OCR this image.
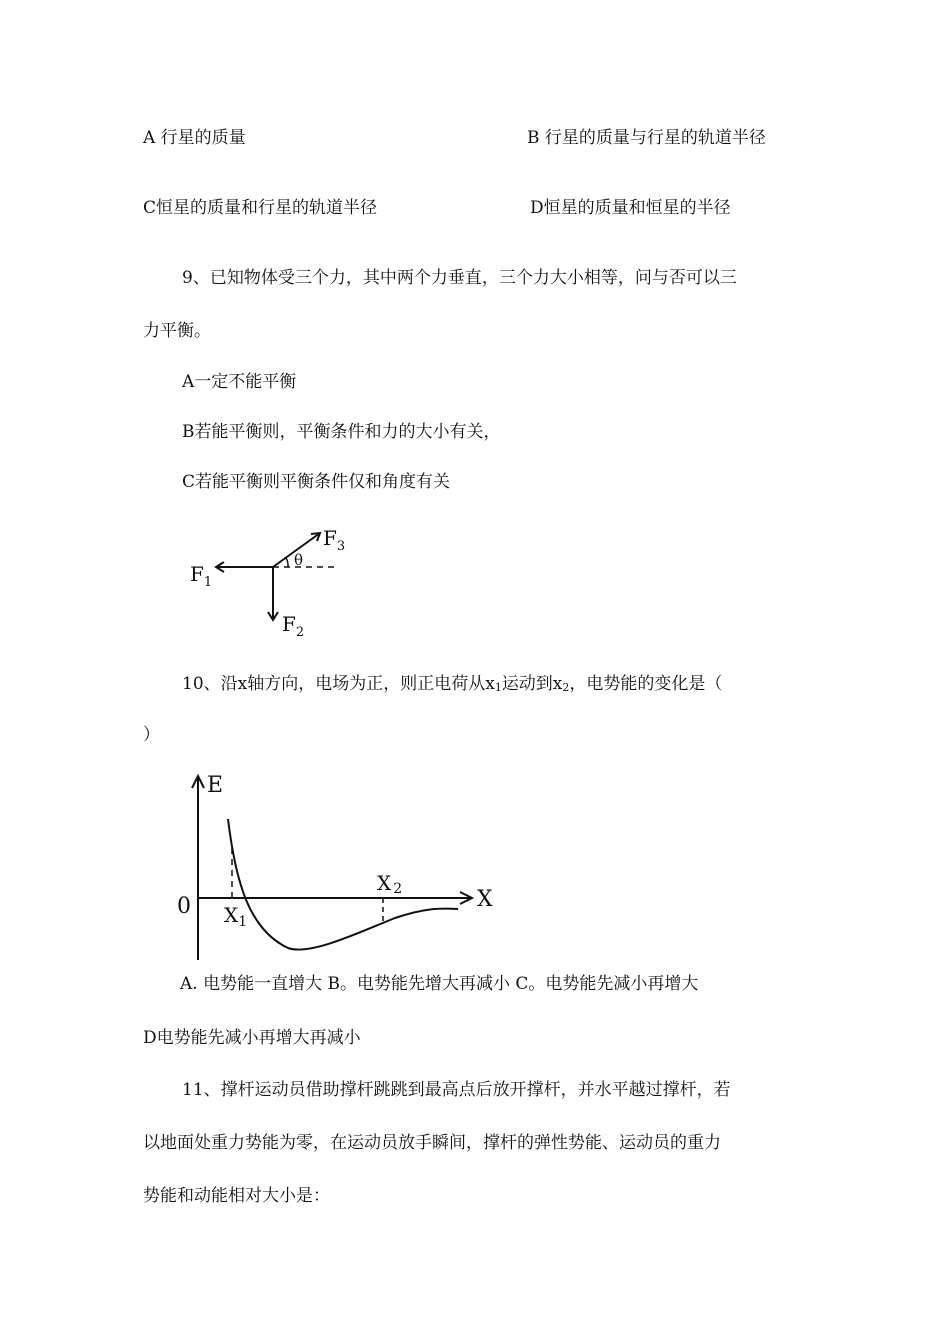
A 行星的质量	B 行星的质量与行星的轨道半径
C恒星的质量和行星的轨道半径	D恒星的质量和恒星的半径
9、已知物体受三个力，其中两个力垂直，三个力大小相等，问与否可以三
力平衡。
A一定不能平衡
B若能平衡则，平衡条件和力的大小有关，
C若能平衡则平衡条件仅和角度有关
$F_1$
$F_2$
$F_3$
θ
10、沿x轴方向，电场为正，则正电荷从x1运动到x2，电势能的变化是（
）
E
X
0 $X_1$
X 2
A. 电势能一直增大 B。电势能先增大再减小 C。电势能先减小再增大
D电势能先减小再增大再减小
11、撑杆运动员借助撑杆跳跳到最高点后放开撑杆，并水平越过撑杆，若
以地面处重力势能为零，在运动员放手瞬间，撑杆的弹性势能、运动员的重力
势能和动能相对大小是：
